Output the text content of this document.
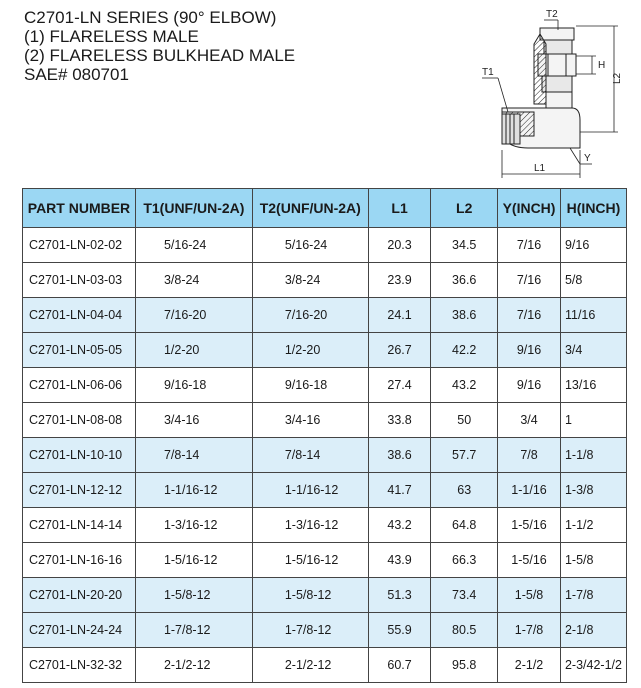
C2701-LN SERIES (90° ELBOW)
(1) FLARELESS MALE
(2) FLARELESS BULKHEAD MALE
SAE# 080701
T2
T1
H
L2
L1
Y
PART NUMBER	T1(UNF/UN-2A)	T2(UNF/UN-2A)	L1	L2	Y(INCH)	H(INCH)
C2701-LN-02-02	5/16-24	5/16-24	20.3	34.5	7/16	9/16
C2701-LN-03-03	3/8-24	3/8-24	23.9	36.6	7/16	5/8
C2701-LN-04-04	7/16-20	7/16-20	24.1	38.6	7/16	11/16
C2701-LN-05-05	1/2-20	1/2-20	26.7	42.2	9/16	3/4
C2701-LN-06-06	9/16-18	9/16-18	27.4	43.2	9/16	13/16
C2701-LN-08-08	3/4-16	3/4-16	33.8	50	3/4	1
C2701-LN-10-10	7/8-14	7/8-14	38.6	57.7	7/8	1-1/8
C2701-LN-12-12	1-1/16-12	1-1/16-12	41.7	63	1-1/16	1-3/8
C2701-LN-14-14	1-3/16-12	1-3/16-12	43.2	64.8	1-5/16	1-1/2
C2701-LN-16-16	1-5/16-12	1-5/16-12	43.9	66.3	1-5/16	1-5/8
C2701-LN-20-20	1-5/8-12	1-5/8-12	51.3	73.4	1-5/8	1-7/8
C2701-LN-24-24	1-7/8-12	1-7/8-12	55.9	80.5	1-7/8	2-1/8
C2701-LN-32-32	2-1/2-12	2-1/2-12	60.7	95.8	2-1/2	2-3/42-1/2
